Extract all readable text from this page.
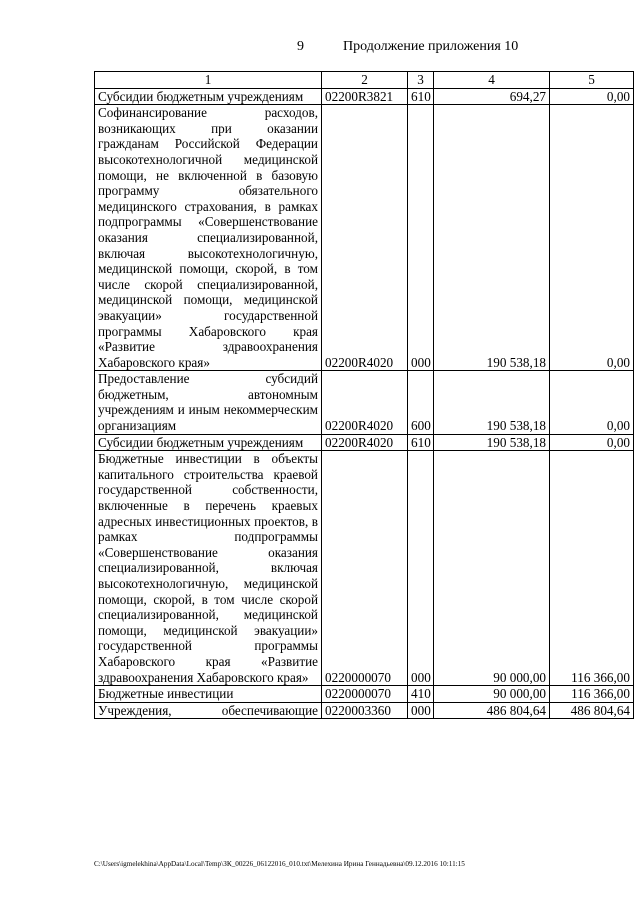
9	Продолжение приложения 10
1	2	3	4	5

Субсидии бюджетным учреждениям	02200R3821	610	694,27	0,00

Софинансирование расходов, возникающих при оказании гражданам Российской Федерации высокотехнологичной медицинской помощи, не включенной в базовую программу обязательного медицинского страхования, в рамках подпрограммы «Совершенствование оказания специализированной, включая высокотехнологичную, медицинской помощи, скорой, в том числе скорой специализированной, медицинской помощи, медицинской эвакуации» государственной программы Хабаровского края «Развитие здравоохранения Хабаровского края»	02200R4020	000	190 538,18	0,00

Предоставление субсидий бюджетным, автономным учреждениям и иным некоммерческим организациям	02200R4020	600	190 538,18	0,00

Субсидии бюджетным учреждениям	02200R4020	610	190 538,18	0,00

Бюджетные инвестиции в объекты капитального строительства краевой государственной собственности, включенные в перечень краевых адресных инвестиционных проектов, в рамках подпрограммы «Совершенствование оказания специализированной, включая высокотехнологичную, медицинской помощи, скорой, в том числе скорой специализированной, медицинской помощи, медицинской эвакуации» государственной программы Хабаровского края «Развитие здравоохранения Хабаровского края»	0220000070	000	90 000,00	116 366,00

Бюджетные инвестиции	0220000070	410	90 000,00	116 366,00

Учреждения, обеспечивающие	0220003360	000	486 804,64	486 804,64
C:\Users\igmelekhina\AppData\Local\Temp\ЗК_00226_06122016_010.txt\Мелехина Ирина Геннадьевна\09.12.2016 10:11:15
